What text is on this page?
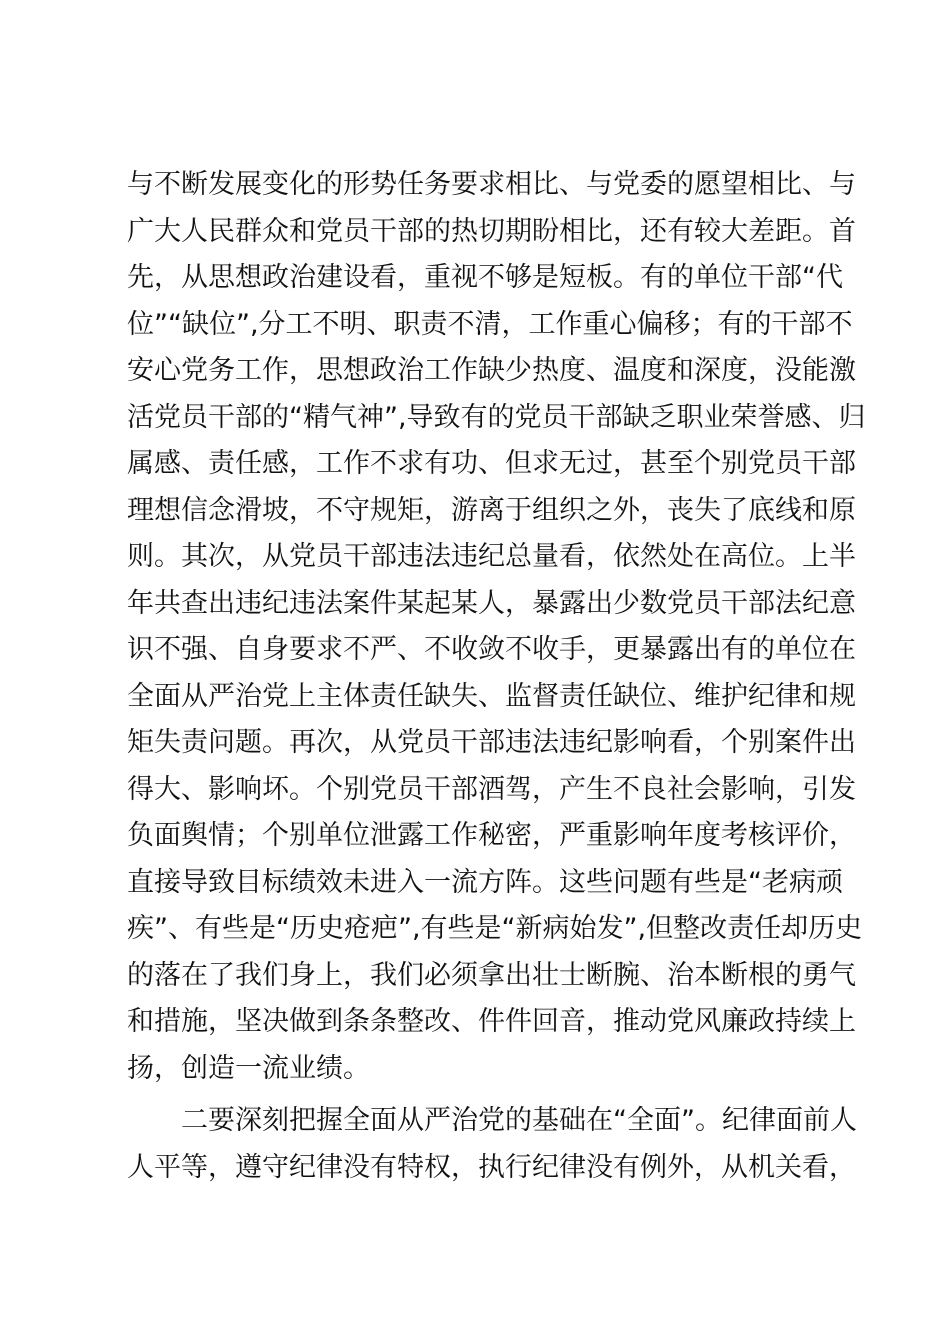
与不断发展变化的形势任务要求相比、与党委的愿望相比、与
广大人民群众和党员干部的热切期盼相比，还有较大差距。首
先，从思想政治建设看，重视不够是短板。有的单位干部“代
位”“缺位”,分工不明、职责不清，工作重心偏移；有的干部不
安心党务工作，思想政治工作缺少热度、温度和深度，没能激
活党员干部的“精气神”,导致有的党员干部缺乏职业荣誉感、归
属感、责任感，工作不求有功、但求无过，甚至个别党员干部
理想信念滑坡，不守规矩，游离于组织之外，丧失了底线和原
则。其次，从党员干部违法违纪总量看，依然处在高位。上半
年共查出违纪违法案件某起某人，暴露出少数党员干部法纪意
识不强、自身要求不严、不收敛不收手，更暴露出有的单位在
全面从严治党上主体责任缺失、监督责任缺位、维护纪律和规
矩失责问题。再次，从党员干部违法违纪影响看，个别案件出
得大、影响坏。个别党员干部酒驾，产生不良社会影响，引发
负面舆情；个别单位泄露工作秘密，严重影响年度考核评价，
直接导致目标绩效未进入一流方阵。这些问题有些是“老病顽
疾”、有些是“历史疮疤”,有些是“新病始发”,但整改责任却历史
的落在了我们身上，我们必须拿出壮士断腕、治本断根的勇气
和措施，坚决做到条条整改、件件回音，推动党风廉政持续上
扬，创造一流业绩。
二要深刻把握全面从严治党的基础在“全面”。纪律面前人
人平等，遵守纪律没有特权，执行纪律没有例外，从机关看，
